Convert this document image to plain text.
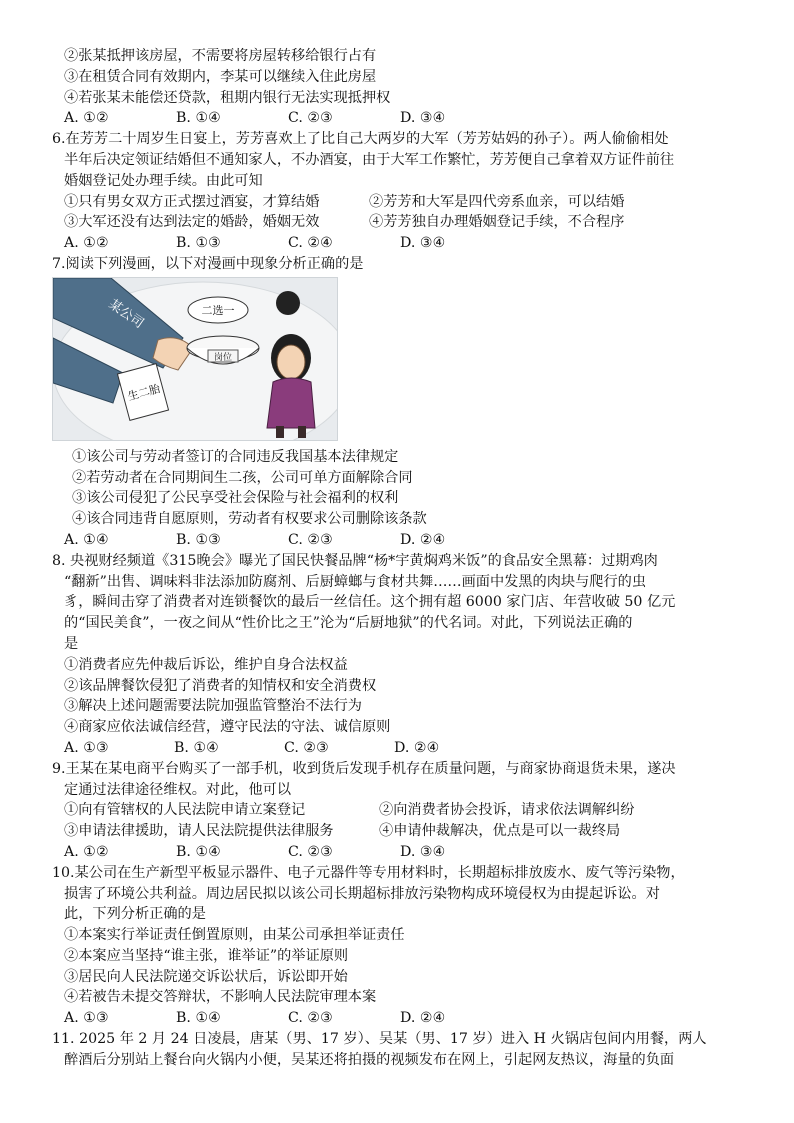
②张某抵押该房屋，不需要将房屋转移给银行占有
③在租赁合同有效期内，李某可以继续入住此房屋
④若张某未能偿还贷款，租期内银行无法实现抵押权
A. ①②	B. ①④	C. ②③	D. ③④
6.在芳芳二十周岁生日宴上，芳芳喜欢上了比自己大两岁的大军（芳芳姑妈的孙子）。两人偷偷相处
半年后决定领证结婚但不通知家人，不办酒宴，由于大军工作繁忙，芳芳便自己拿着双方证件前往
婚姻登记处办理手续。由此可知
①只有男女双方正式摆过酒宴，才算结婚	②芳芳和大军是四代旁系血亲，可以结婚
③大军还没有达到法定的婚龄，婚姻无效	④芳芳独自办理婚姻登记手续，不合程序
A. ①②	B. ①③	C. ②④	D. ③④
7.阅读下列漫画，以下对漫画中现象分析正确的是
某公司
岗位
二选一
生二胎
①该公司与劳动者签订的合同违反我国基本法律规定
②若劳动者在合同期间生二孩，公司可单方面解除合同
③该公司侵犯了公民享受社会保险与社会福利的权利
④该合同违背自愿原则，劳动者有权要求公司删除该条款
A. ①④	B. ①③	C. ②③	D. ②④
8. 央视财经频道《315晚会》曝光了国民快餐品牌“杨*宇黄焖鸡米饭”的食品安全黑幕：过期鸡肉
“翻新”出售、调味料非法添加防腐剂、后厨蟑螂与食材共舞……画面中发黑的肉块与爬行的虫
豸，瞬间击穿了消费者对连锁餐饮的最后一丝信任。这个拥有超 6000 家门店、年营收破 50 亿元
的“国民美食”，一夜之间从“性价比之王”沦为“后厨地狱”的代名词。对此，下列说法正确的
是
①消费者应先仲裁后诉讼，维护自身合法权益
②该品牌餐饮侵犯了消费者的知情权和安全消费权
③解决上述问题需要法院加强监管整治不法行为
④商家应依法诚信经营，遵守民法的守法、诚信原则
A. ①③	B. ①④	C. ②③	D. ②④
9.王某在某电商平台购买了一部手机，收到货后发现手机存在质量问题，与商家协商退货未果，遂决
定通过法律途径维权。对此，他可以
①向有管辖权的人民法院申请立案登记	②向消费者协会投诉，请求依法调解纠纷
③申请法律援助，请人民法院提供法律服务	④申请仲裁解决，优点是可以一裁终局
A. ①②	B. ①④	C. ②③	D. ③④
10.某公司在生产新型平板显示器件、电子元器件等专用材料时，长期超标排放废水、废气等污染物，
损害了环境公共利益。周边居民拟以该公司长期超标排放污染物构成环境侵权为由提起诉讼。对
此，下列分析正确的是
①本案实行举证责任倒置原则，由某公司承担举证责任
②本案应当坚持“谁主张，谁举证”的举证原则
③居民向人民法院递交诉讼状后，诉讼即开始
④若被告未提交答辩状，不影响人民法院审理本案
A. ①③	B. ①④	C. ②③	D. ②④
11. 2025 年 2 月 24 日凌晨，唐某（男、17 岁）、吴某（男、17 岁）进入 H 火锅店包间内用餐，两人
醉酒后分别站上餐台向火锅内小便，吴某还将拍摄的视频发布在网上，引起网友热议，海量的负面
